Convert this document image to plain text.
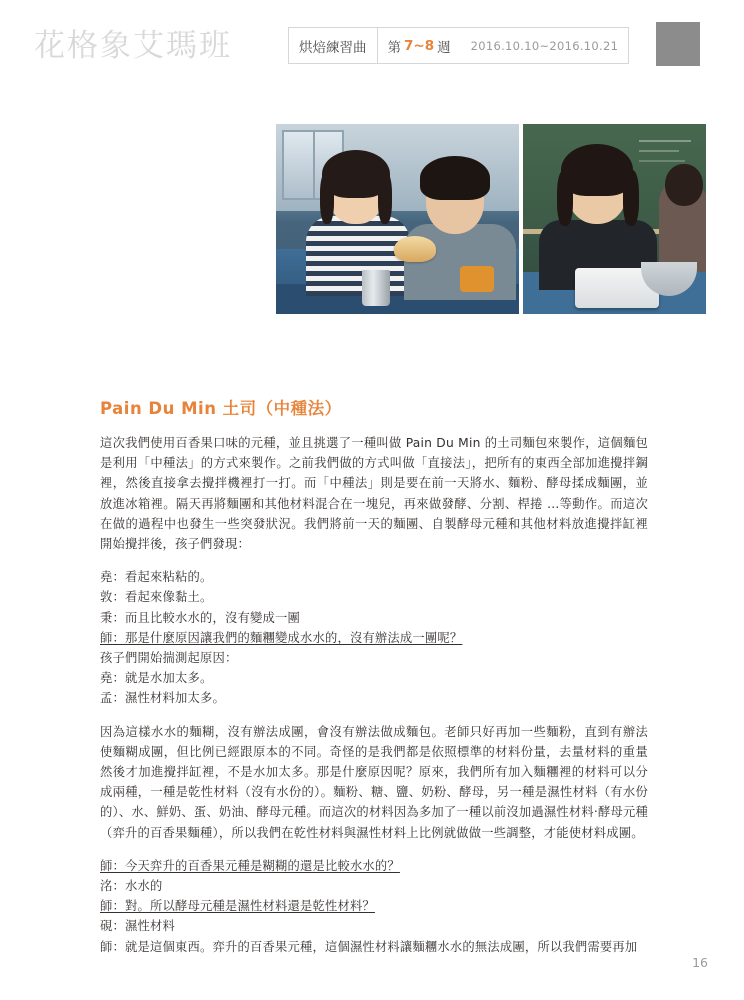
花格象艾瑪班	烘焙練習曲	第 7~8 週	2016.10.10~2016.10.21
Pain Du Min 土司（中種法）

這次我們使用百香果口味的元種，並且挑選了一種叫做 Pain Du Min 的土司麵包來製作，這個麵包是利用「中種法」的方式來製作。之前我們做的方式叫做「直接法」，把所有的東西全部加進攪拌鋼裡，然後直接拿去攪拌機裡打一打。而「中種法」則是要在前一天將水、麵粉、酵母揉成麵團，並放進冰箱裡。隔天再將麵團和其他材料混合在一塊兒，再來做發酵、分割、桿捲 ...等動作。而這次在做的過程中也發生一些突發狀況。我們將前一天的麵團、自製酵母元種和其他材料放進攪拌缸裡開始攪拌後，孩子們發現：

堯：看起來粘粘的。

敦：看起來像黏土。

秉：而且比較水水的，沒有變成一團

師：那是什麼原因讓我們的麵糰變成水水的，沒有辦法成一團呢？

孩子們開始揣測起原因：

堯：就是水加太多。

孟：濕性材料加太多。

因為這樣水水的麵糊，沒有辦法成團，會沒有辦法做成麵包。老師只好再加一些麵粉，直到有辦法使麵糊成團，但比例已經跟原本的不同。奇怪的是我們都是依照標準的材料份量，去量材料的重量然後才加進攪拌缸裡，不是水加太多。那是什麼原因呢？原來，我們所有加入麵糰裡的材料可以分成兩種，一種是乾性材料（沒有水份的）。麵粉、糖、鹽、奶粉、酵母，另一種是濕性材料（有水份的）、水、鮮奶、蛋、奶油、酵母元種。而這次的材料因為多加了一種以前沒加過濕性材料‧酵母元種（弈升的百香果麵種），所以我們在乾性材料與濕性材料上比例就做做一些調整，才能使材料成團。

師：今天弈升的百香果元種是糊糊的還是比較水水的？

洺：水水的

師：對。所以酵母元種是濕性材料還是乾性材料？

硯：濕性材料

師：就是這個東西。弈升的百香果元種，這個濕性材料讓麵糰水水的無法成團，所以我們需要再加

16
